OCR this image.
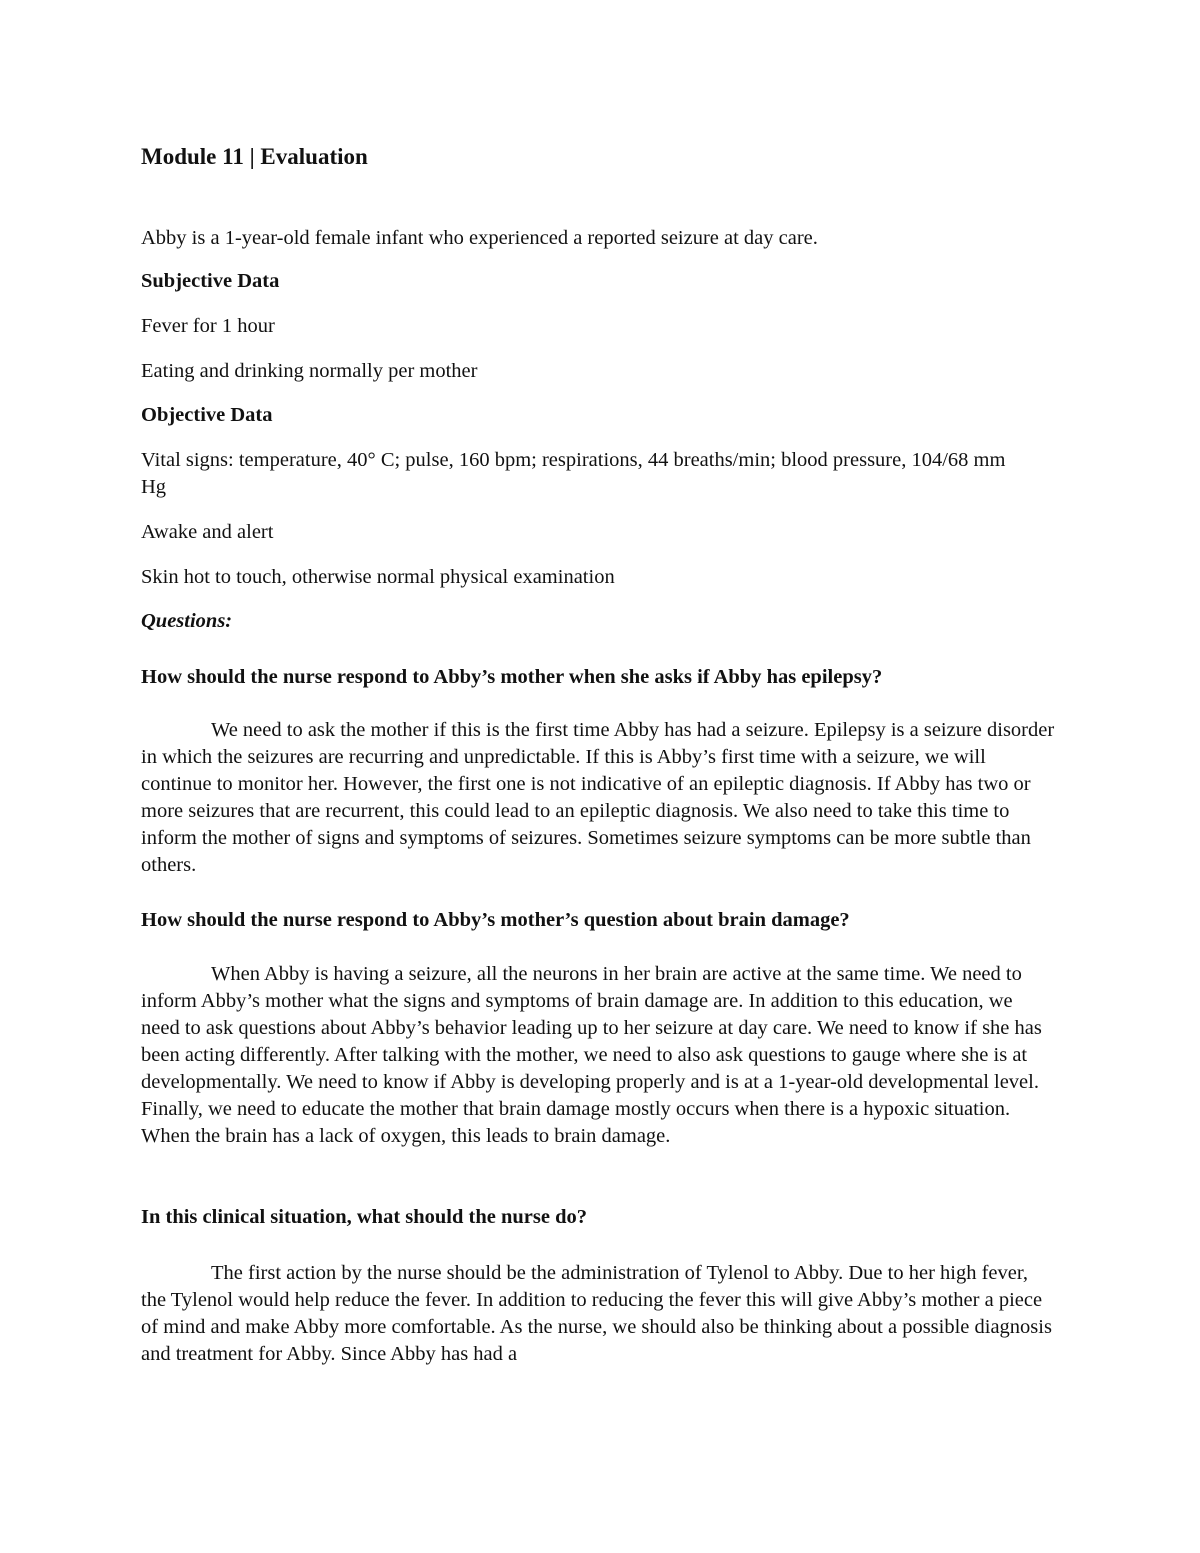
Module 11 | Evaluation

Abby is a 1-year-old female infant who experienced a reported seizure at day care.

Subjective Data

Fever for 1 hour

Eating and drinking normally per mother

Objective Data

Vital signs: temperature, 40° C; pulse, 160 bpm; respirations, 44 breaths/min; blood pressure, 104/68 mm Hg

Awake and alert

Skin hot to touch, otherwise normal physical examination

Questions:

How should the nurse respond to Abby’s mother when she asks if Abby has epilepsy?

We need to ask the mother if this is the first time Abby has had a seizure. Epilepsy is a seizure disorder in which the seizures are recurring and unpredictable. If this is Abby’s first time with a seizure, we will continue to monitor her. However, the first one is not indicative of an epileptic diagnosis. If Abby has two or more seizures that are recurrent, this could lead to an epileptic diagnosis. We also need to take this time to inform the mother of signs and symptoms of seizures. Sometimes seizure symptoms can be more subtle than others.

How should the nurse respond to Abby’s mother’s question about brain damage?

When Abby is having a seizure, all the neurons in her brain are active at the same time. We need to inform Abby’s mother what the signs and symptoms of brain damage are. In addition to this education, we need to ask questions about Abby’s behavior leading up to her seizure at day care. We need to know if she has been acting differently. After talking with the mother, we need to also ask questions to gauge where she is at developmentally. We need to know if Abby is developing properly and is at a 1-year-old developmental level. Finally, we need to educate the mother that brain damage mostly occurs when there is a hypoxic situation. When the brain has a lack of oxygen, this leads to brain damage.

In this clinical situation, what should the nurse do?

The first action by the nurse should be the administration of Tylenol to Abby. Due to her high fever, the Tylenol would help reduce the fever. In addition to reducing the fever this will give Abby’s mother a piece of mind and make Abby more comfortable. As the nurse, we should also be thinking about a possible diagnosis and treatment for Abby. Since Abby has had a
